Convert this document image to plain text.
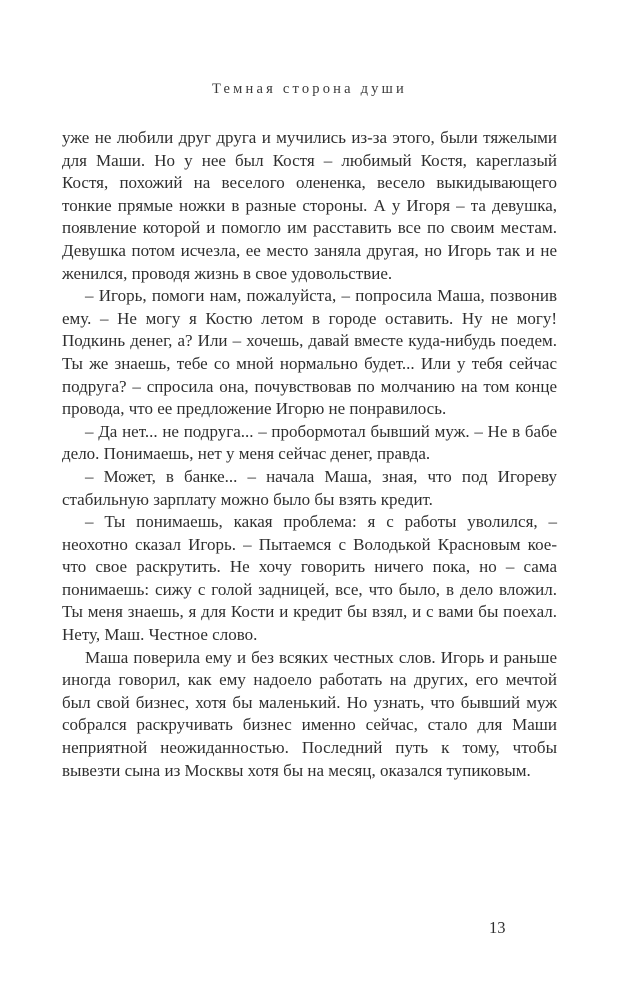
Темная сторона души

уже не любили друг друга и мучились из-за этого, были тяжелыми для Маши. Но у нее был Костя – любимый Костя, кареглазый Костя, похожий на веселого олененка, весело выкидывающего тонкие прямые ножки в разные стороны. А у Игоря – та девушка, появление которой и помогло им расставить все по своим местам. Девушка потом исчезла, ее место заняла другая, но Игорь так и не женился, проводя жизнь в свое удовольствие.

– Игорь, помоги нам, пожалуйста, – попросила Маша, позвонив ему. – Не могу я Костю летом в городе оставить. Ну не могу! Подкинь денег, а? Или – хочешь, давай вместе куда-нибудь поедем. Ты же знаешь, тебе со мной нормально будет... Или у тебя сейчас подруга? – спросила она, почувствовав по молчанию на том конце провода, что ее предложение Игорю не понравилось.

– Да нет... не подруга... – пробормотал бывший муж. – Не в бабе дело. Понимаешь, нет у меня сейчас денег, правда.

– Может, в банке... – начала Маша, зная, что под Игореву стабильную зарплату можно было бы взять кредит.

– Ты понимаешь, какая проблема: я с работы уволился, – неохотно сказал Игорь. – Пытаемся с Володькой Красновым кое-что свое раскрутить. Не хочу говорить ничего пока, но – сама понимаешь: сижу с голой задницей, все, что было, в дело вложил. Ты меня знаешь, я для Кости и кредит бы взял, и с вами бы поехал. Нету, Маш. Честное слово.

Маша поверила ему и без всяких честных слов. Игорь и раньше иногда говорил, как ему надоело работать на других, его мечтой был свой бизнес, хотя бы маленький. Но узнать, что бывший муж собрался раскручивать бизнес именно сейчас, стало для Маши неприятной неожиданностью. Последний путь к тому, чтобы вывезти сына из Москвы хотя бы на месяц, оказался тупиковым.

13
